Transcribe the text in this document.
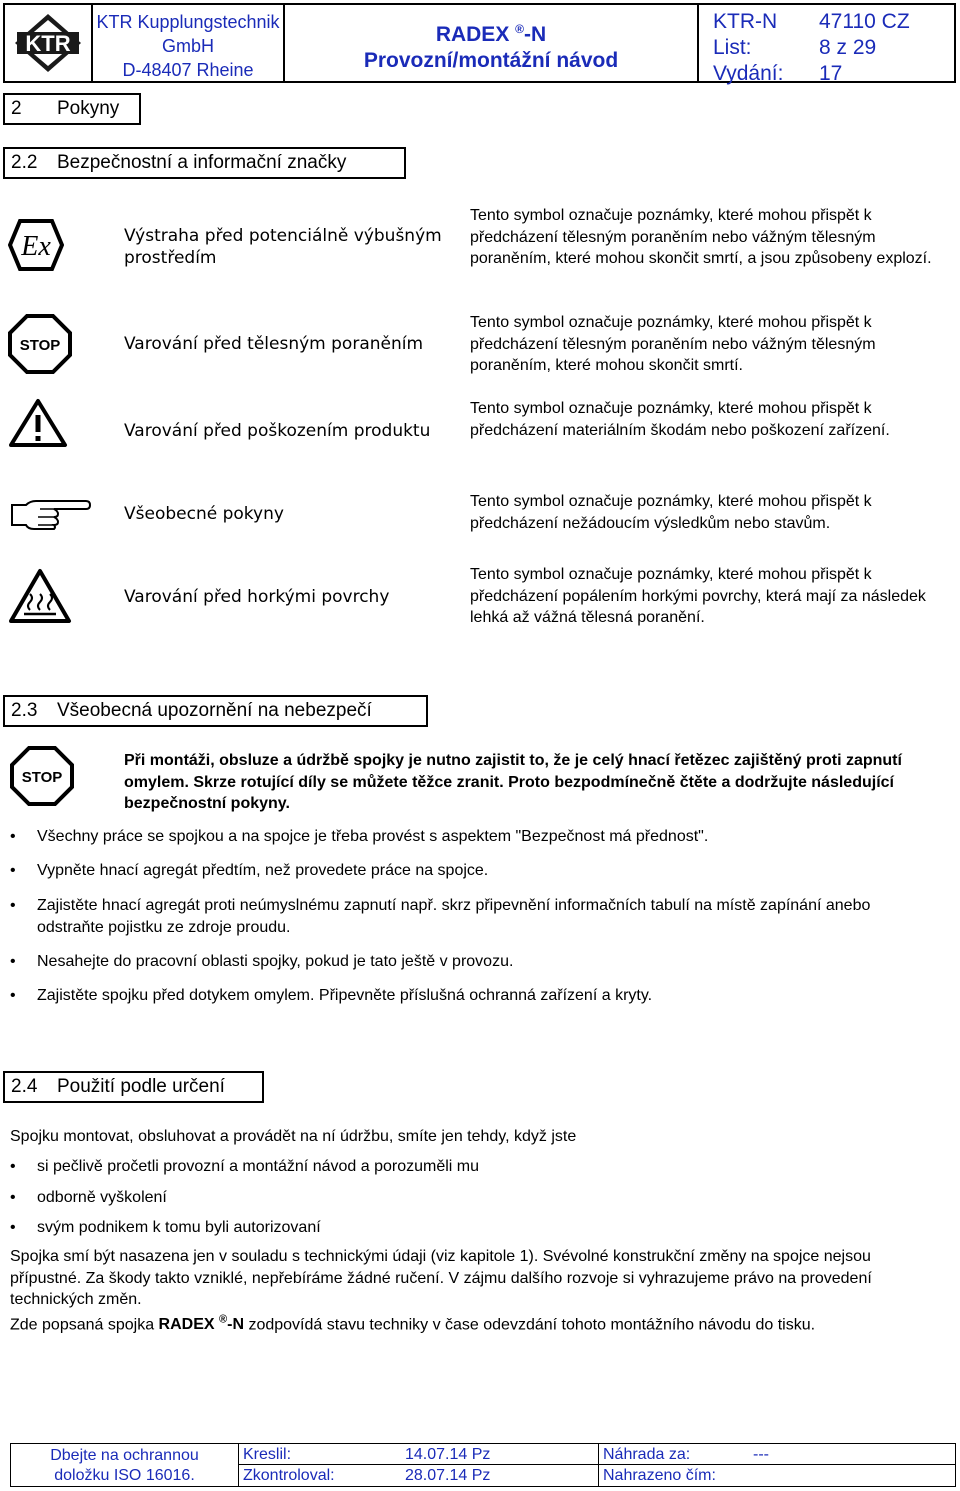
KTR
KTR Kupplungstechnik
GmbH
D-48407 Rheine
RADEX ®-N
Provozní/montážní návod
KTR-N	47110 CZ
List:	8 z 29
Vydání:	17
2 Pokyny
2.2 Bezpečnostní a informační značky
Ex	Výstraha před potenciálně výbušným prostředím
Tento symbol označuje poznámky, které mohou přispět k předcházení tělesným poraněním nebo vážným tělesným poraněním, které mohou skončit smrtí, a jsou způsobeny explozí.
STOP	Varování před tělesným poraněním
Tento symbol označuje poznámky, které mohou přispět k předcházení tělesným poraněním nebo vážným tělesným poraněním, které mohou skončit smrtí.
Varování před poškozením produktu
Tento symbol označuje poznámky, které mohou přispět k předcházení materiálním škodám nebo poškození zařízení.
Všeobecné pokyny
Tento symbol označuje poznámky, které mohou přispět k předcházení nežádoucím výsledkům nebo stavům.
Varování před horkými povrchy
Tento symbol označuje poznámky, které mohou přispět k předcházení popálením horkými povrchy, která mají za následek lehká až vážná tělesná poranění.
2.3 Všeobecná upozornění na nebezpečí
STOP
Při montáži, obsluze a údržbě spojky je nutno zajistit to, že je celý hnací řetězec zajištěný proti zapnutí omylem. Skrze rotující díly se můžete těžce zranit. Proto bezpodmínečně čtěte a dodržujte následující bezpečnostní pokyny.
•	Všechny práce se spojkou a na spojce je třeba provést s aspektem "Bezpečnost má přednost".
•	Vypněte hnací agregát předtím, než provedete práce na spojce.
•	Zajistěte hnací agregát proti neúmyslnému zapnutí např. skrz připevnění informačních tabulí na místě zapínání anebo odstraňte pojistku ze zdroje proudu.
•	Nesahejte do pracovní oblasti spojky, pokud je tato ještě v provozu.
•	Zajistěte spojku před dotykem omylem. Připevněte příslušná ochranná zařízení a kryty.
2.4 Použití podle určení
Spojku montovat, obsluhovat a provádět na ní údržbu, smíte jen tehdy, když jste
•	si pečlivě pročetli provozní a montážní návod a porozuměli mu
•	odborně vyškolení
•	svým podnikem k tomu byli autorizovaní
Spojka smí být nasazena jen v souladu s technickými údaji (viz kapitole 1). Svévolné konstrukční změny na spojce nejsou přípustné. Za škody takto vzniklé, nepřebíráme žádné ručení. V zájmu dalšího rozvoje si vyhrazujeme právo na provedení technických změn.
Zde popsaná spojka RADEX ®-N zodpovídá stavu techniky v čase odevzdání tohoto montážního návodu do tisku.
Dbejte na ochrannou
doložku ISO 16016.
Kreslil:	14.07.14 Pz	Náhrada za:	---
Zkontroloval:	28.07.14 Pz	Nahrazeno čím:
